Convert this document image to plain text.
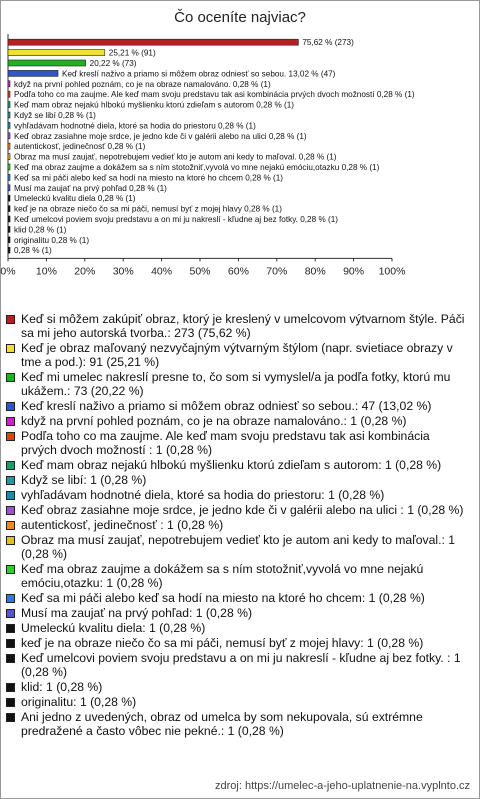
Čo oceníte najviac?
75,62 % (273)
25,21 % (91)
20,22 % (73)
Keď kreslí naživo a priamo si môžem obraz odniesť so sebou. 13,02 % (47)
když na první pohled poznám, co je na obraze namalováno. 0,28 % (1)
Podľa toho co ma zaujme. Ale keď mam svoju predstavu tak asi kombinácia prvých dvoch možností 0,28 % (1)
Keď mam obraz nejakú hlbokú myšlienku ktorú zdieľam s autorom 0,28 % (1)
Když se libí 0,28 % (1)
vyhľadávam hodnotné diela, ktoré sa hodia do priestoru 0,28 % (1)
Keď obraz zasiahne moje srdce, je jedno kde či v galérii alebo na ulici 0,28 % (1)
autentickosť, jedinečnosť 0,28 % (1)
Obraz ma musí zaujať, nepotrebujem vedieť kto je autom ani kedy to maľoval. 0,28 % (1)
Keď ma obraz zaujme a dokážem sa s ním stotožniť,vyvolá vo mne nejakú emóciu,otazku 0,28 % (1)
Keď sa mi páči alebo keď sa hodí na miesto na ktoré ho chcem 0,28 % (1)
Musí ma zaujať na prvý pohľad 0,28 % (1)
Umeleckú kvalitu diela 0,28 % (1)
keď je na obraze niečo čo sa mi páči, nemusí byť z mojej hlavy 0,28 % (1)
Keď umelcovi poviem svoju predstavu a on mi ju nakreslí - kľudne aj bez fotky. 0,28 % (1)
klid 0,28 % (1)
originalitu 0,28 % (1)
0,28 % (1)
0% 10% 20% 30% 40% 50% 60% 70% 80% 90% 100%
Keď si môžem zakúpiť obraz, ktorý je kreslený v umelcovom výtvarnom štýle. Páči sa mi jeho autorská tvorba.: 273 (75,62 %)
Keď je obraz maľovaný nezvyčajným výtvarným štýlom (napr. svietiace obrazy v tme a pod.): 91 (25,21 %)
Keď mi umelec nakreslí presne to, čo som si vymyslel/a ja podľa fotky, ktorú mu ukážem.: 73 (20,22 %)
Keď kreslí naživo a priamo si môžem obraz odniesť so sebou.: 47 (13,02 %)
když na první pohled poznám, co je na obraze namalováno.: 1 (0,28 %)
Podľa toho co ma zaujme. Ale keď mam svoju predstavu tak asi kombinácia prvých dvoch možností : 1 (0,28 %)
Keď mam obraz nejakú hlbokú myšlienku ktorú zdieľam s autorom: 1 (0,28 %)
Když se libí: 1 (0,28 %)
vyhľadávam hodnotné diela, ktoré sa hodia do priestoru: 1 (0,28 %)
Keď obraz zasiahne moje srdce, je jedno kde či v galérii alebo na ulici : 1 (0,28 %)
autentickosť, jedinečnosť : 1 (0,28 %)
Obraz ma musí zaujať, nepotrebujem vedieť kto je autom ani kedy to maľoval.: 1 (0,28 %)
Keď ma obraz zaujme a dokážem sa s ním stotožniť,vyvolá vo mne nejakú emóciu,otazku: 1 (0,28 %)
Keď sa mi páči alebo keď sa hodí na miesto na ktoré ho chcem: 1 (0,28 %)
Musí ma zaujať na prvý pohľad: 1 (0,28 %)
Umeleckú kvalitu diela: 1 (0,28 %)
keď je na obraze niečo čo sa mi páči, nemusí byť z mojej hlavy: 1 (0,28 %)
Keď umelcovi poviem svoju predstavu a on mi ju nakreslí - kľudne aj bez fotky. : 1 (0,28 %)
klid: 1 (0,28 %)
originalitu: 1 (0,28 %)
Ani jedno z uvedených, obraz od umelca by som nekupovala, sú extrémne predražené a často vôbec nie pekné.: 1 (0,28 %)
zdroj: https://umelec-a-jeho-uplatnenie-na.vyplnto.cz
